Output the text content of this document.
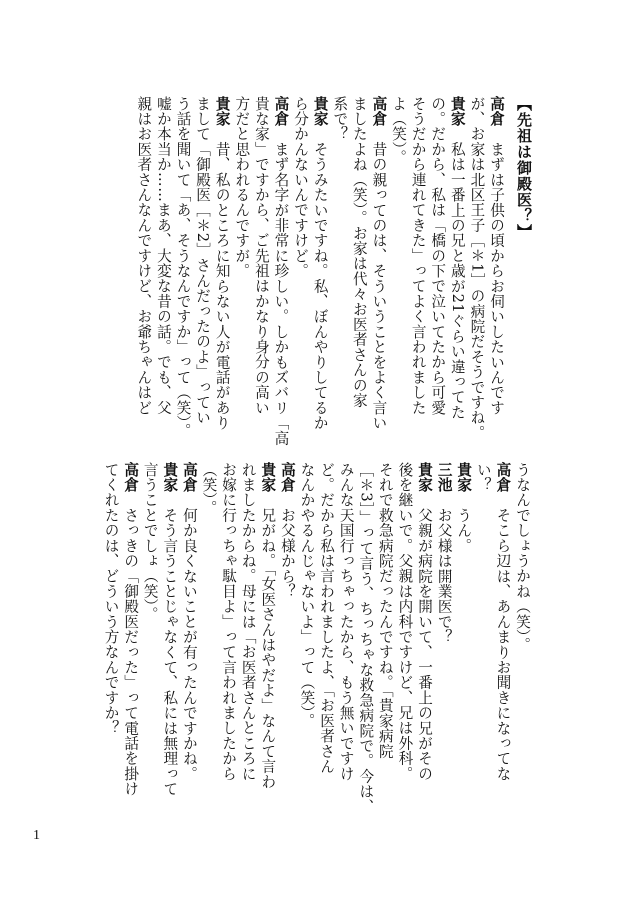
【先祖は御殿医？】
高倉　まずは子供の頃からお伺いしたいんです
が、お家は北区王子［＊1］の病院だそうですね。
貴家　私は一番上の兄と歳が21ぐらい違ってた
の。だから、私は「橋の下で泣いてたから可愛
そうだから連れてきた」ってよく言われました
よ（笑）。
高倉　昔の親ってのは、そういうことをよく言い
ましたよね（笑）。お家は代々お医者さんの家
系で？
貴家　そうみたいですね。私、ぼんやりしてるか
ら分かんないんですけど。
高倉　まず名字が非常に珍しい。しかもズバリ「高
貴な家」ですから、ご先祖はかなり身分の高い
方だと思われるんですが。
貴家　昔、私のところに知らない人が電話があり
まして「御殿医［＊2］さんだったのよ」ってい
う話を聞いて「あ、そうなんですか」って（笑）。
嘘か本当か……まあ、大変な昔の話。でも、父
親はお医者さんなんですけど、お爺ちゃんはど
うなんでしょうかね（笑）。
高倉　そこら辺は、あんまりお聞きになってな
い？
貴家　うん。
三池　お父様は開業医で？
貴家　父親が病院を開いて、一番上の兄がその
後を継いで。父親は内科ですけど、兄は外科。
それで救急病院だったんですね。「貴家病院
［＊3］」って言う、ちっちゃな救急病院で。今は、
みんな天国行っちゃったから、もう無いですけ
ど。だから私は言われましたよ、「お医者さん
なんかやるんじゃないよ」って（笑）。
高倉　お父様から？
貴家　兄がね。「女医さんはやだよ」なんて言わ
れましたからね。母には「お医者さんところに
お嫁に行っちゃ駄目よ」って言われましたから
（笑）。
高倉　何か良くないことが有ったんですかね。
貴家　そう言うことじゃなくて、私には無理って
言うことでしょ（笑）。
高倉　さっきの「御殿医だった」って電話を掛け
てくれたのは、どういう方なんですか？
1
